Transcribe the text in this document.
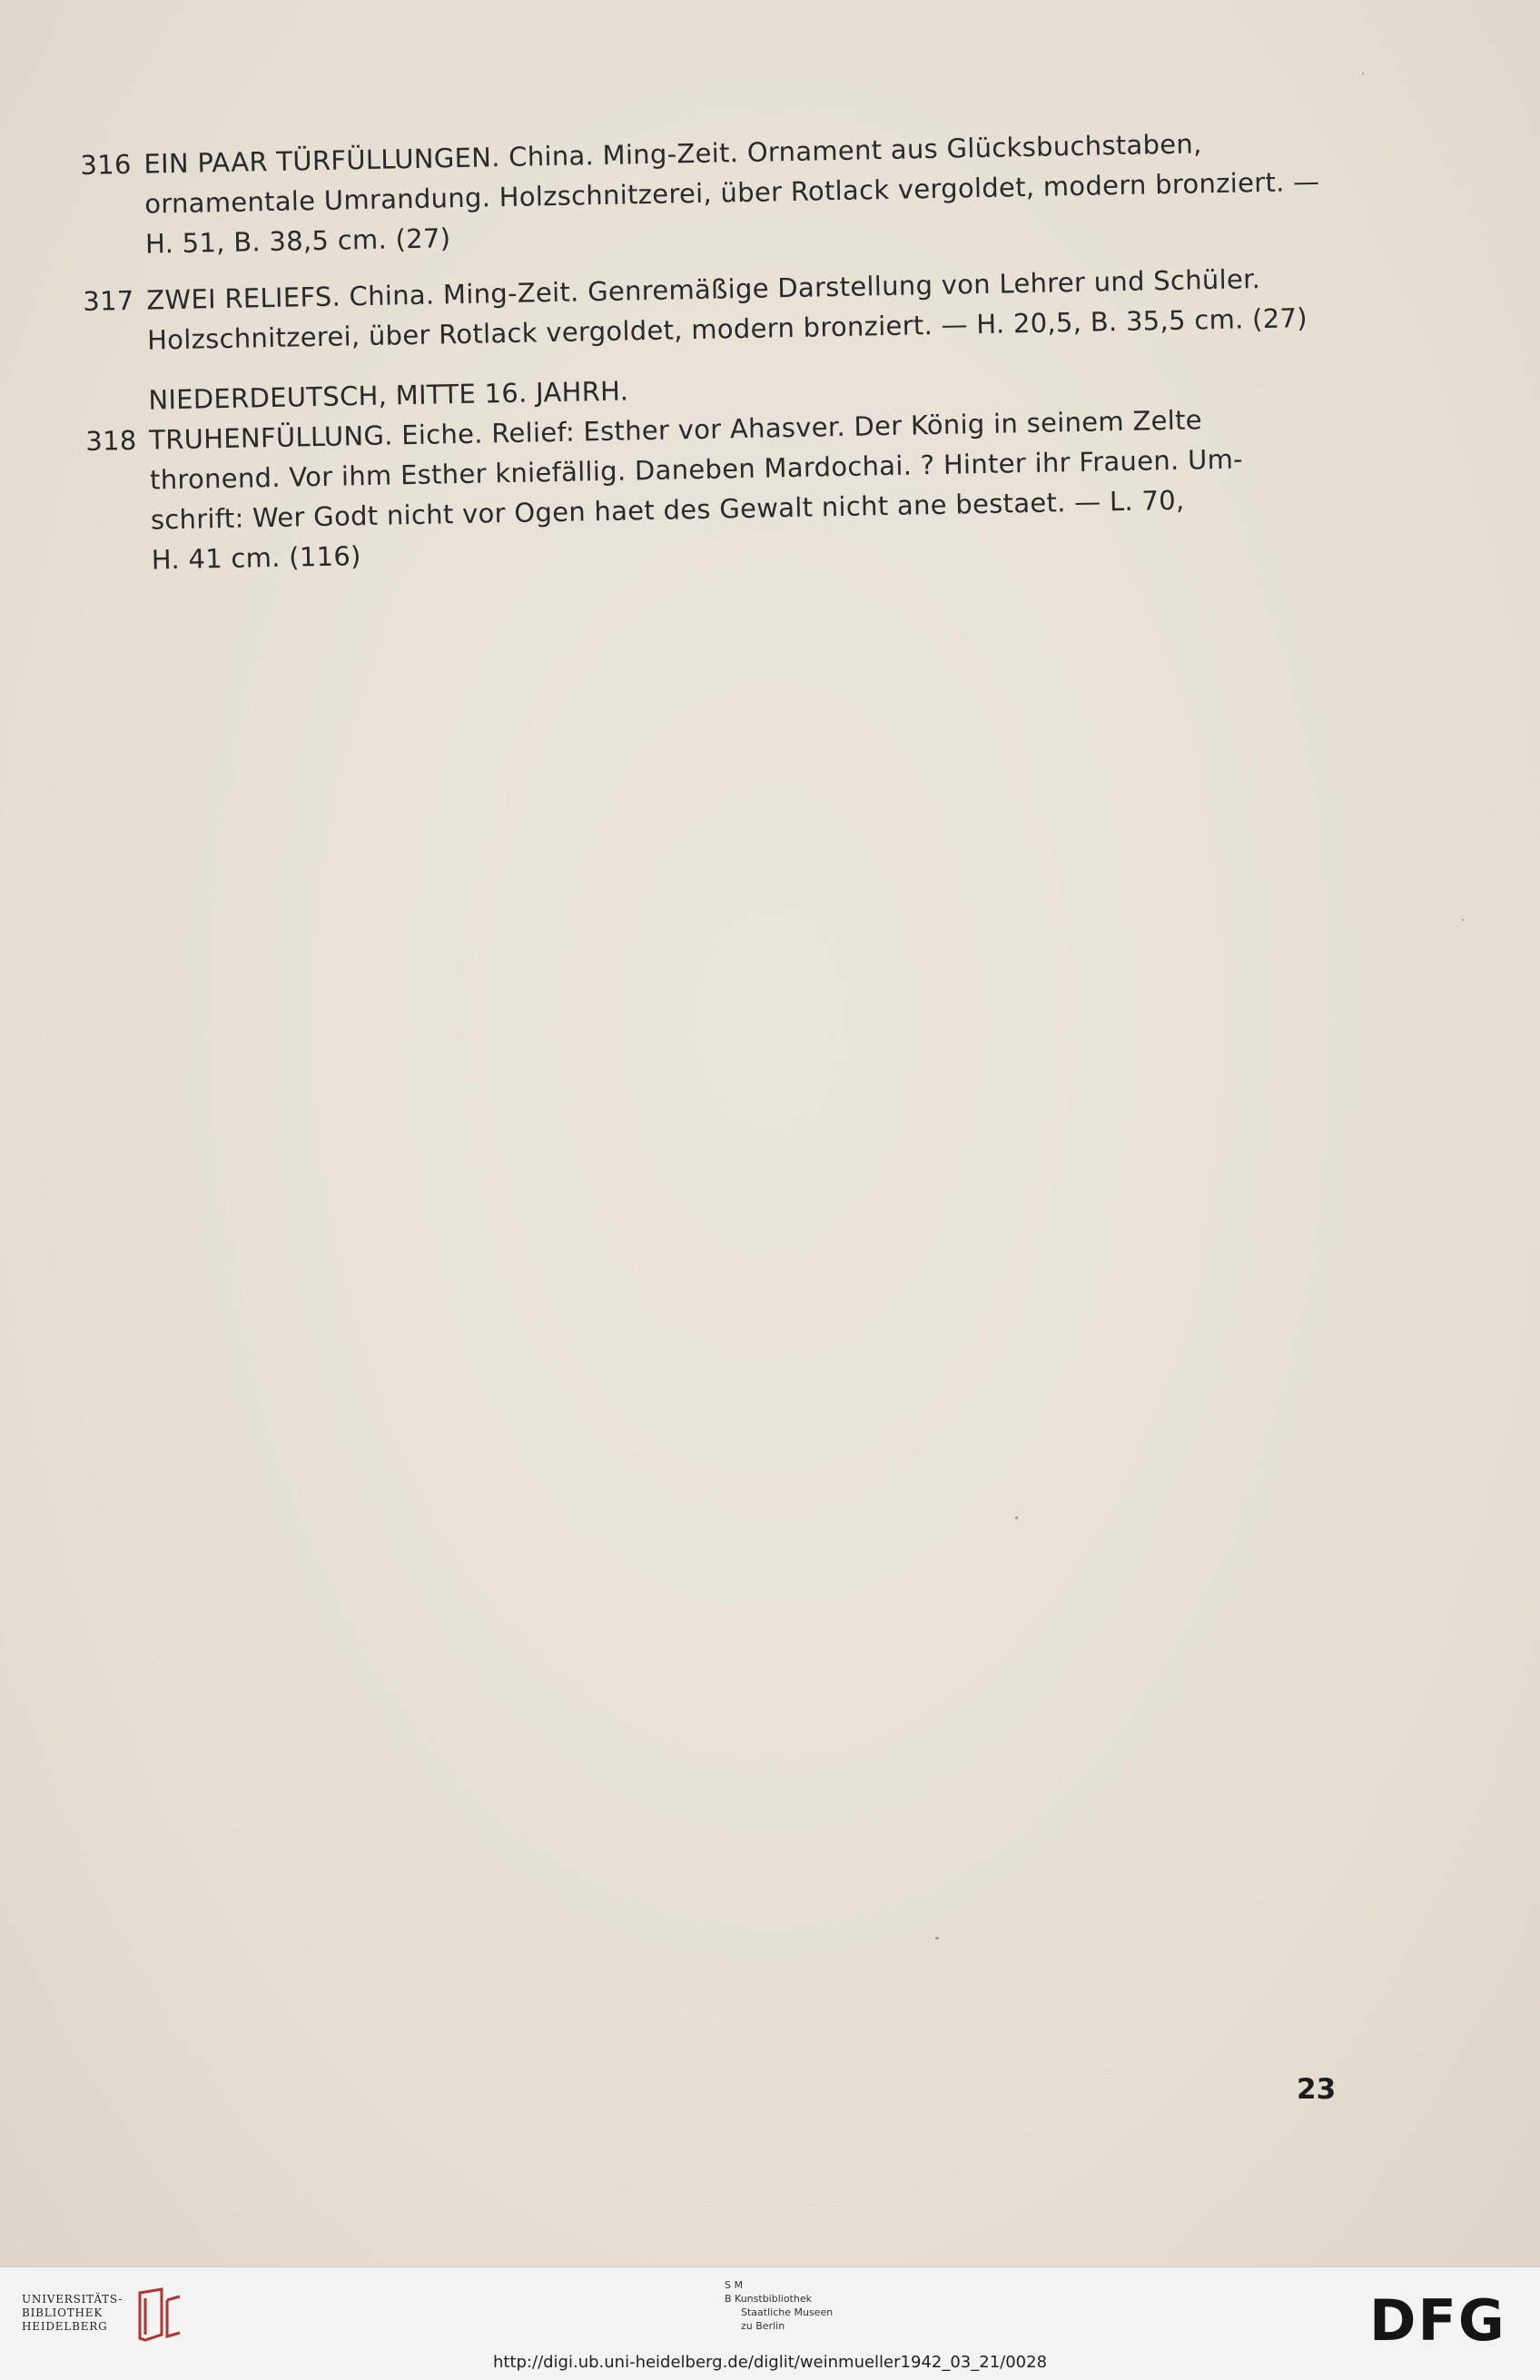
316 EIN PAAR TÜRFÜLLUNGEN. China. Ming-Zeit. Ornament aus Glücksbuchstaben,
ornamentale Umrandung. Holzschnitzerei, über Rotlack vergoldet, modern bronziert. —
H. 51, B. 38,5 cm. (27)
317 ZWEI RELIEFS. China. Ming-Zeit. Genremäßige Darstellung von Lehrer und Schüler.
Holzschnitzerei, über Rotlack vergoldet, modern bronziert. — H. 20,5, B. 35,5 cm. (27)
NIEDERDEUTSCH, MITTE 16. JAHRH.
318 TRUHENFÜLLUNG. Eiche. Relief: Esther vor Ahasver. Der König in seinem Zelte
thronend. Vor ihm Esther kniefällig. Daneben Mardochai. ? Hinter ihr Frauen. Um-
schrift: Wer Godt nicht vor Ogen haet des Gewalt nicht ane bestaet. — L. 70,
H. 41 cm. (116)
23
UNIVERSITÄTS-
BIBLIOTHEK
HEIDELBERG
S M
B Kunstbibliothek
Staatliche Museen
zu Berlin	DFG
http://digi.ub.uni-heidelberg.de/diglit/weinmueller1942_03_21/0028
